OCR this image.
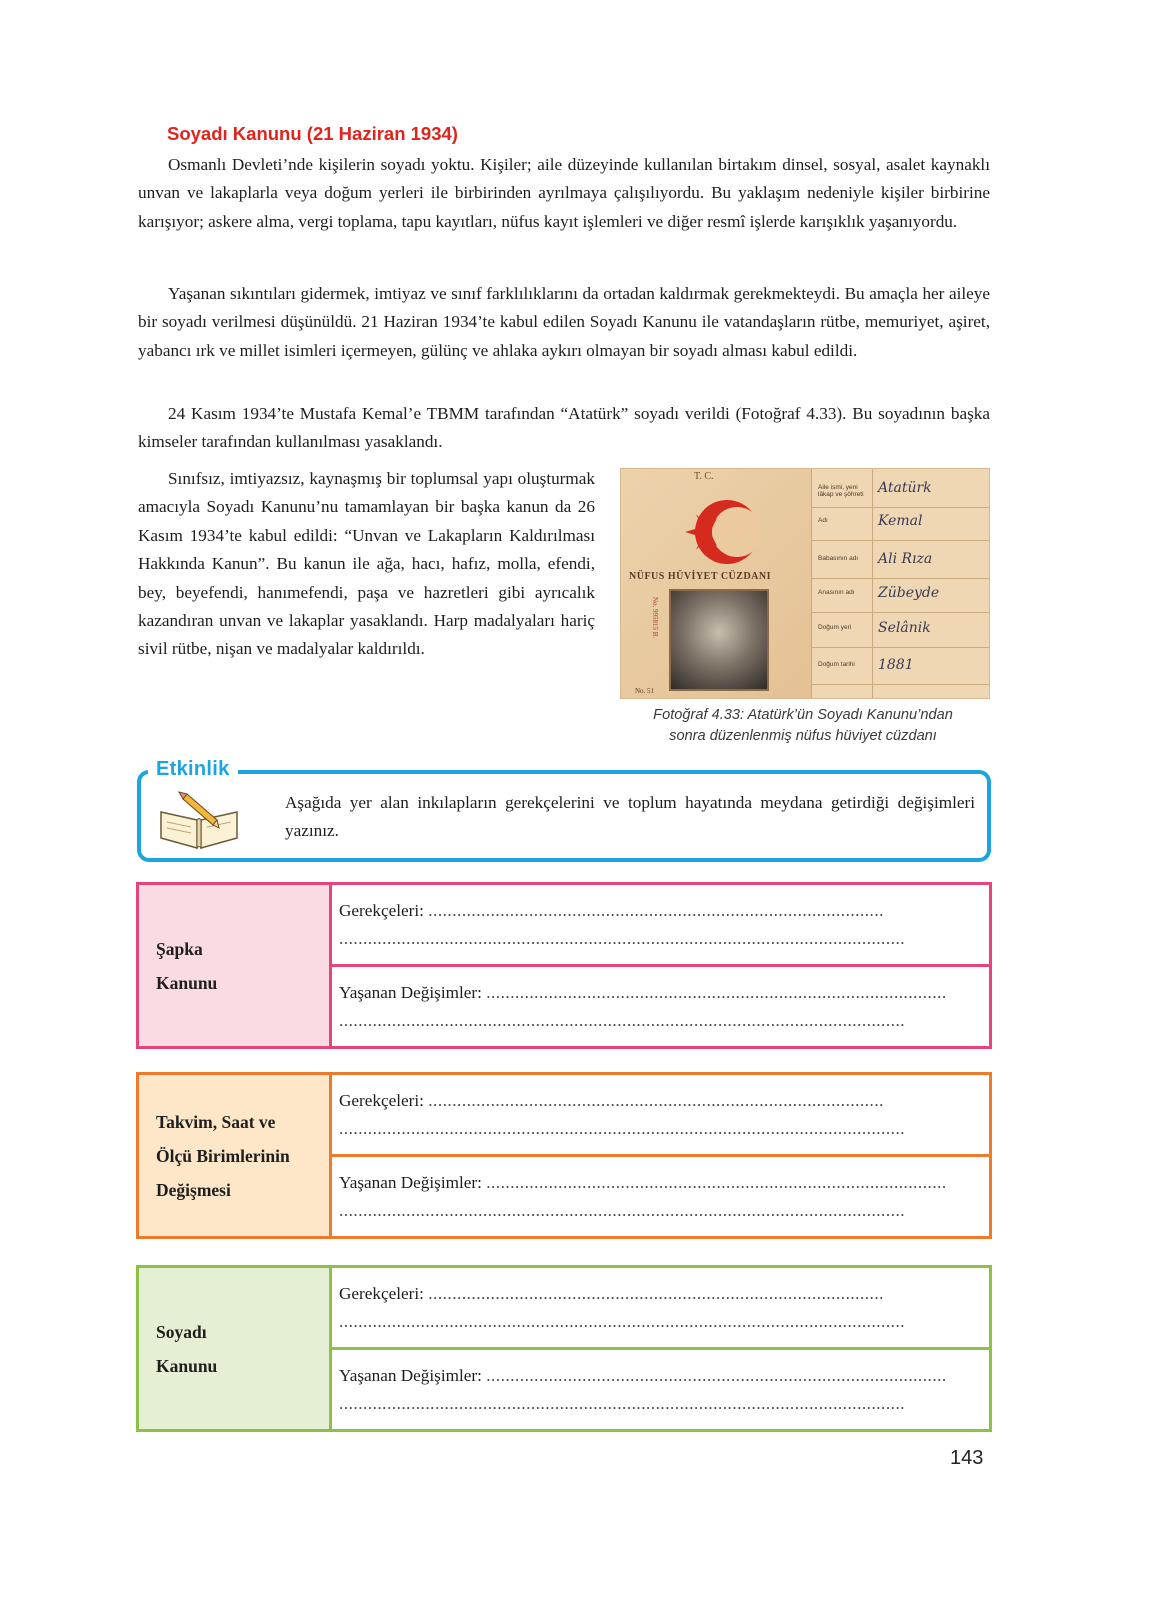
Soyadı Kanunu (21 Haziran 1934)

Osmanlı Devleti’nde kişilerin soyadı yoktu. Kişiler; aile düzeyinde kullanılan birtakım dinsel, sosyal, asalet kaynaklı unvan ve lakaplarla veya doğum yerleri ile birbirinden ayrılmaya çalışılıyordu. Bu yaklaşım nedeniyle kişiler birbirine karışıyor; askere alma, vergi toplama, tapu kayıtları, nüfus kayıt işlemleri ve diğer resmî işlerde karışıklık yaşanıyordu.

Yaşanan sıkıntıları gidermek, imtiyaz ve sınıf farklılıklarını da ortadan kaldırmak gerekmekteydi. Bu amaçla her aileye bir soyadı verilmesi düşünüldü. 21 Haziran 1934’te kabul edilen Soyadı Kanunu ile vatandaşların rütbe, memuriyet, aşiret, yabancı ırk ve millet isimleri içermeyen, gülünç ve ahlaka aykırı olmayan bir soyadı alması kabul edildi.

24 Kasım 1934’te Mustafa Kemal’e TBMM tarafından “Atatürk” soyadı verildi (Fotoğraf 4.33). Bu soyadının başka kimseler tarafından kullanılması yasaklandı.

Sınıfsız, imtiyazsız, kaynaşmış bir toplumsal yapı oluşturmak amacıyla Soyadı Kanunu’nu tamamlayan bir başka kanun da 26 Kasım 1934’te kabul edildi: “Unvan ve Lakapların Kaldırılması Hakkında Kanun”. Bu kanun ile ağa, hacı, hafız, molla, efendi, bey, beyefendi, hanımefendi, paşa ve hazretleri gibi ayrıcalık kazandıran unvan ve lakaplar yasaklandı. Harp madalyaları hariç sivil rütbe, nişan ve madalyalar kaldırıldı.

T. C.
NÜFUS HÜVİYET CÜZDANI
No. 995815 B.
No. 51
Aile ismi, yeni lâkap ve şöhreti	Atatürk
Adı	Kemal
Babasının adı	Ali Rıza
Anasının adı	Zübeyde
Doğum yeri	Selânik
Doğum tarihi	1881

Fotoğraf 4.33: Atatürk’ün Soyadı Kanunu’ndan
sonra düzenlenmiş nüfus hüviyet cüzdanı

Etkinlik

Aşağıda yer alan inkılapların gerekçelerini ve toplum hayatında meydana getirdiği değişimleri yazınız.

Şapka
Kanunu
Gerekçeleri: ...............................................................................................
......................................................................................................................
Yaşanan Değişimler: ................................................................................................
......................................................................................................................
Takvim, Saat ve
Ölçü Birimlerinin
Değişmesi
Gerekçeleri: ...............................................................................................
......................................................................................................................
Yaşanan Değişimler: ................................................................................................
......................................................................................................................
Soyadı
Kanunu
Gerekçeleri: ...............................................................................................
......................................................................................................................
Yaşanan Değişimler: ................................................................................................
......................................................................................................................
143
